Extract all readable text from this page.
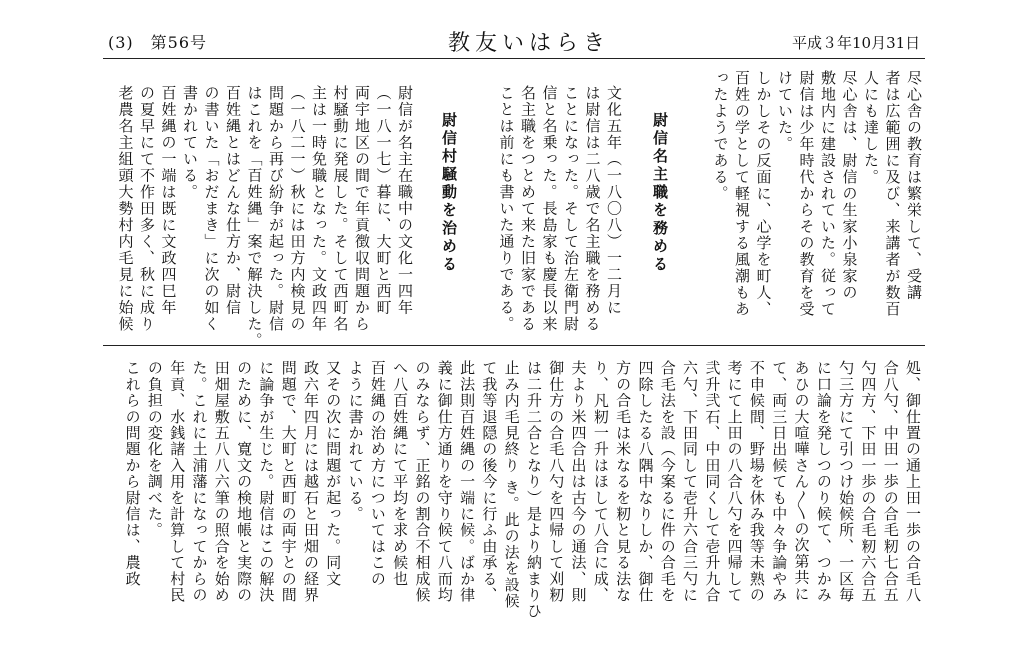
(3)　第56号	教友いはらき	平成３年10月31日
尽心舎の教育は繁栄して、受講
者は広範囲に及び、来講者が数百
人にも達した。
尽心舎は、尉信の生家小泉家の
敷地内に建設されていた。従って
尉信は少年時代からその教育を受
けていた。
しかしその反面に、心学を町人、
百姓の学として軽視する風潮もあ
ったようである。
尉信名主職を務める
文化五年（一八〇八）一二月に
は尉信は二八歳で名主職を務める
ことになった。そして治左衛門尉
信と名乗った。長島家も慶長以来
名主職をつとめて来た旧家である
ことは前にも書いた通りである。
尉信村騒動を治める
尉信が名主在職中の文化一四年
（一八一七）暮に、大町と西町
両宇地区の間で年貢徴収問題から
村騒動に発展した。そして西町名
主は一時免職となった。文政四年
（一八二一）秋には田方内検見の
問題から再び紛争が起った。尉信
はこれを「百姓縄」案で解決した。
百姓縄とはどんな仕方か、尉信
の書いた「おだまき」に次の如く
書かれている。
百姓縄の一端は既に文政四巳年
の夏早にて不作田多く、秋に成り
老農名主組頭大勢村内毛見に始候
処、御仕置の通上田一歩の合毛八
合八勺、中田一歩の合毛籾七合五
勺四方、下田一歩の合毛籾六合五
勺三方にて引つけ始候所、一区毎
に口論を発しつのり候て、つかみ
あひの大喧嘩さん〳〵の次第共に
て、両三日出候ても中々争論やみ
不申候間、野場を休み我等未熟の
考にて上田の八合八勺を四帰して
弐升弐石、中田同くして壱升九合
六勺、下田同して壱升六合三勺に
合毛法を設（今案るに件の合毛を
四除したる八隅中なりしか、御仕
方の合毛は米なるを籾と見る法な
り、凡籾一升はほして八合に成、
夫より米四合出は古今の通法、則
御仕方の合毛八勺を四帰して刈籾
は二升二合となり）是より納まりひ
止み内毛見終り き。此の法を設候
て我等退隠の後今に行ふ由承る、
此法則百姓縄の一端に候。ばか律
義に御仕方通りを守り候て八而均
のみならず、正銘の割合不相成候
へ八百姓縄にて平均を求め候也
百姓縄の治め方についてはこの
ように書かれている。
又その次に問題が起った。同文
政六年四月には越石と田畑の経界
問題で、大町と西町の両宇との間
に論争が生じた。尉信はこの解決
のために、寛文の検地帳と実際の
田畑屋敷五八八六筆の照合を始め
た。これに土浦藩になってからの
年貢、水銭諸入用を計算して村民
の負担の変化を調べた。
これらの問題から尉信は、農政
